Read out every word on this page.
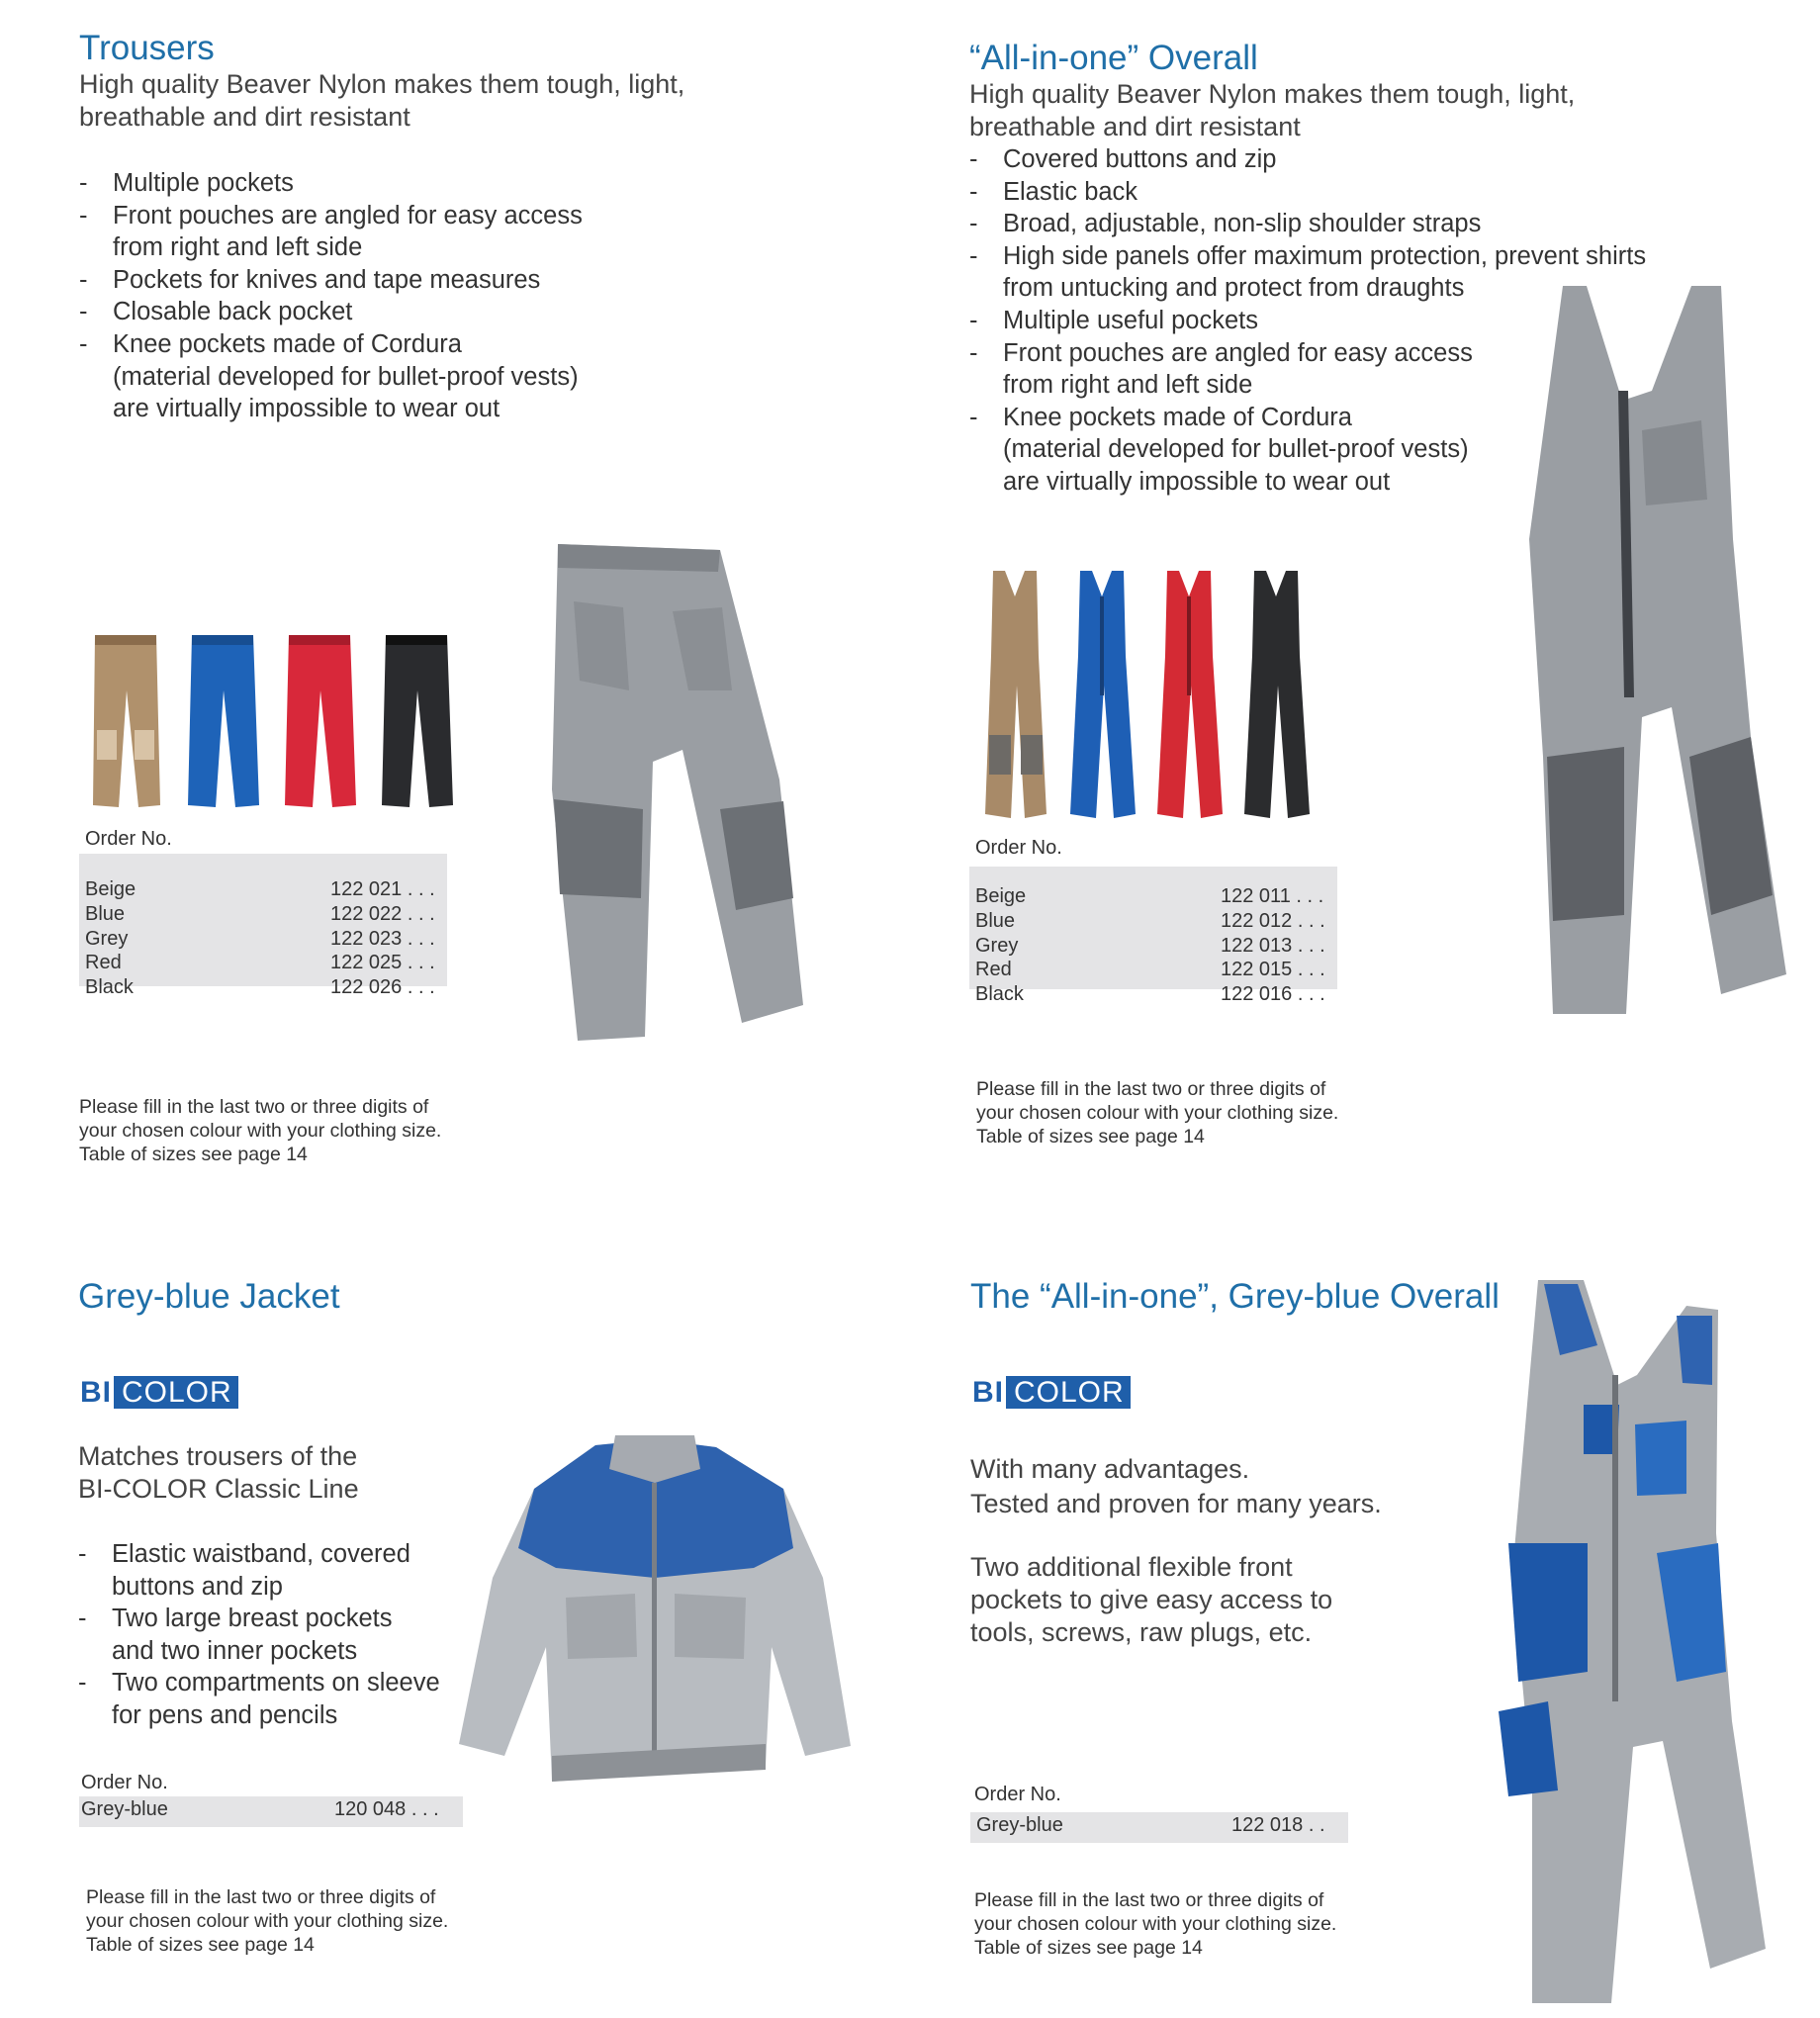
Trousers
High quality Beaver Nylon makes them tough, light,
breathable and dirt resistant
- Multiple pockets
- Front pouches are angled for easy access
from right and left side
- Pockets for knives and tape measures
- Closable back pocket
- Knee pockets made of Cordura
(material developed for bullet-proof vests)
are virtually impossible to wear out
Order No.
Beige	122 021 . . .
Blue	122 022 . . .
Grey	122 023 . . .
Red	122 025 . . .
Black	122 026 . . .
Please fill in the last two or three digits of
your chosen colour with your clothing size.
Table of sizes see page 14
“All-in-one” Overall
High quality Beaver Nylon makes them tough, light,
breathable and dirt resistant
- Covered buttons and zip
- Elastic back
- Broad, adjustable, non-slip shoulder straps
- High side panels offer maximum protection, prevent shirts
from untucking and protect from draughts
- Multiple useful pockets
- Front pouches are angled for easy access
from right and left side
- Knee pockets made of Cordura
(material developed for bullet-proof vests)
are virtually impossible to wear out
Order No.
Beige	122 011 . . .
Blue	122 012 . . .
Grey	122 013 . . .
Red	122 015 . . .
Black	122 016 . . .
Please fill in the last two or three digits of
your chosen colour with your clothing size.
Table of sizes see page 14
Grey-blue Jacket
BI COLOR
Matches trousers of the
BI-COLOR Classic Line
- Elastic waistband, covered
buttons and zip
- Two large breast pockets
and two inner pockets
- Two compartments on sleeve
for pens and pencils
Order No.
Grey-blue	120 048 . . .
Please fill in the last two or three digits of
your chosen colour with your clothing size.
Table of sizes see page 14
The “All-in-one”, Grey-blue Overall
BI COLOR
With many advantages.
Tested and proven for many years.
Two additional flexible front
pockets to give easy access to
tools, screws, raw plugs, etc.
Order No.
Grey-blue	122 018 . .
Please fill in the last two or three digits of
your chosen colour with your clothing size.
Table of sizes see page 14
